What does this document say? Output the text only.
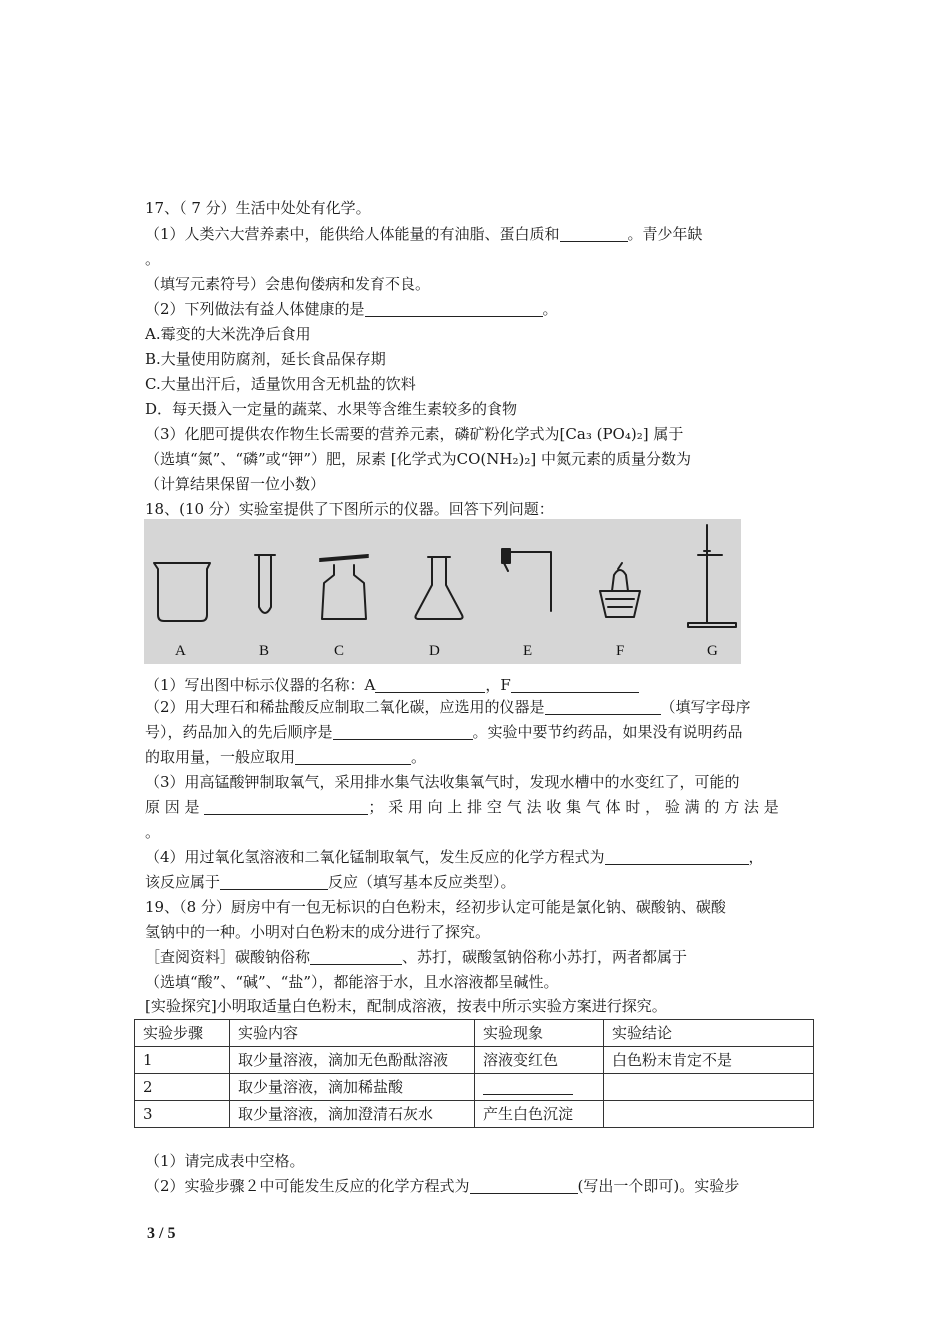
17、（ 7 分）生活中处处有化学。
（1）人类六大营养素中，能供给人体能量的有油脂、蛋白质和	。青少年缺
。
（填写元素符号）会患佝偻病和发育不良。
（2）下列做法有益人体健康的是	。
A.霉变的大米洗净后食用
B.大量使用防腐剂，延长食品保存期
C.大量出汗后，适量饮用含无机盐的饮料
D．每天摄入一定量的蔬菜、水果等含维生素较多的食物
（3）化肥可提供农作物生长需要的营养元素，磷矿粉化学式为[Ca₃ (PO₄)₂] 属于
（选填“氮”、“磷”或“钾”）肥，尿素 [化学式为CO(NH₂)₂] 中氮元素的质量分数为
（计算结果保留一位小数）
18、(10 分）实验室提供了下图所示的仪器。回答下列问题：
A	B	C	D	E	F	G
（1）写出图中标示仪器的名称：A	，F
（2）用大理石和稀盐酸反应制取二氧化碳，应选用的仪器是	（填写字母序
号），药品加入的先后顺序是	。实验中要节约药品，如果没有说明药品
的取用量，一般应取用	。
（3）用高锰酸钾制取氧气，采用排水集气法收集氧气时，发现水槽中的水变红了，可能的
原 因 是	； 采 用 向 上 排 空 气 法 收 集 气 体 时 ， 验 满 的 方 法 是
。
（4）用过氧化氢溶液和二氧化锰制取氧气，发生反应的化学方程式为	，
该反应属于	反应（填写基本反应类型）。
19、（8 分）厨房中有一包无标识的白色粉末，经初步认定可能是氯化钠、碳酸钠、碳酸
氢钠中的一种。小明对白色粉末的成分进行了探究。
［查阅资料］碳酸钠俗称	、苏打，碳酸氢钠俗称小苏打，两者都属于
（选填“酸”、“碱”、“盐”），都能溶于水，且水溶液都呈碱性。
[实验探究]小明取适量白色粉末，配制成溶液，按表中所示实验方案进行探究。
实验步骤	实验内容	实验现象	实验结论
1	取少量溶液，滴加无色酚酞溶液	溶液变红色	白色粉末肯定不是
2	取少量溶液，滴加稀盐酸		
3	取少量溶液，滴加澄清石灰水	产生白色沉淀	
（1）请完成表中空格。
（2）实验步骤２中可能发生反应的化学方程式为	(写出一个即可)。实验步
3 / 5
